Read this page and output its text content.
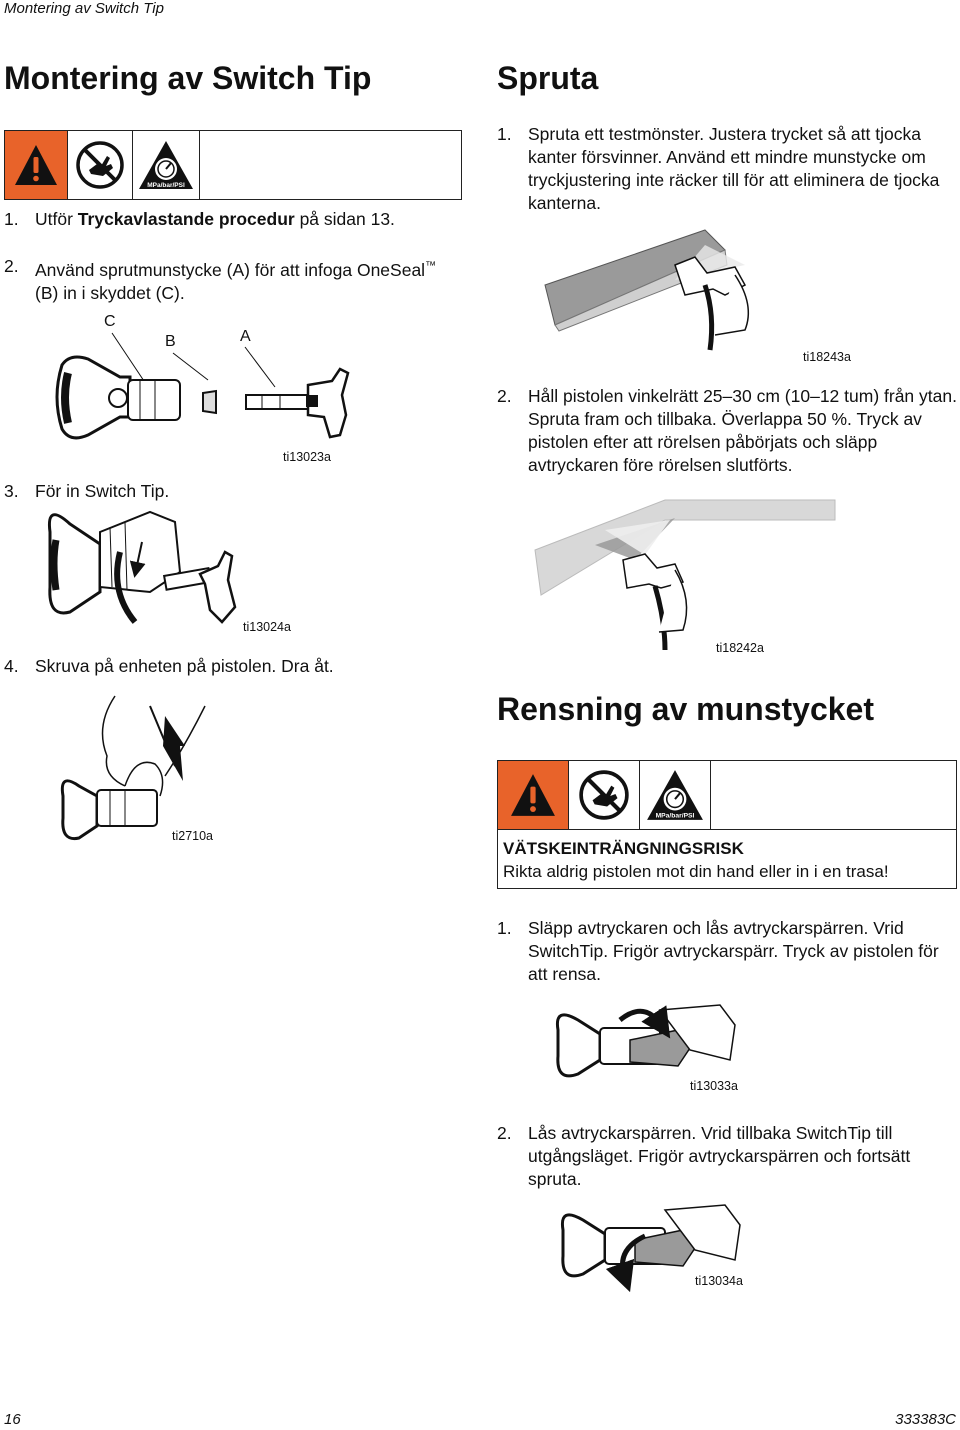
Montering av Switch Tip
Montering av Switch Tip
MPa/bar/PSI
1. Utför Tryckavlastande procedur på sidan 13.
2. Använd sprutmunstycke (A) för att infoga OneSeal™
(B) in i skyddet (C).
C
B	A
ti13023a
3. För in Switch Tip.
ti13024a
4. Skruva på enheten på pistolen. Dra åt.
ti2710a
Spruta
1. Spruta ett testmönster. Justera trycket så att tjocka kanter försvinner. Använd ett mindre munstycke om tryckjustering inte räcker till för att eliminera de tjocka kanterna.
ti18243a
2. Håll pistolen vinkelrätt 25–30 cm (10–12 tum) från ytan. Spruta fram och tillbaka. Överlappa 50 %. Tryck av pistolen efter att rörelsen påbörjats och släpp avtryckaren före rörelsen slutförts.
ti18242a
Rensning av munstycket
MPa/bar/PSI
VÄTSKEINTRÄNGNINGSRISK
Rikta aldrig pistolen mot din hand eller in i en trasa!
1. Släpp avtryckaren och lås avtryckarspärren. Vrid SwitchTip. Frigör avtryckarspärr. Tryck av pistolen för att rensa.
ti13033a
2. Lås avtryckarspärren. Vrid tillbaka SwitchTip till utgångsläget. Frigör avtryckarspärren och fortsätt spruta.
ti13034a
16	333383C
